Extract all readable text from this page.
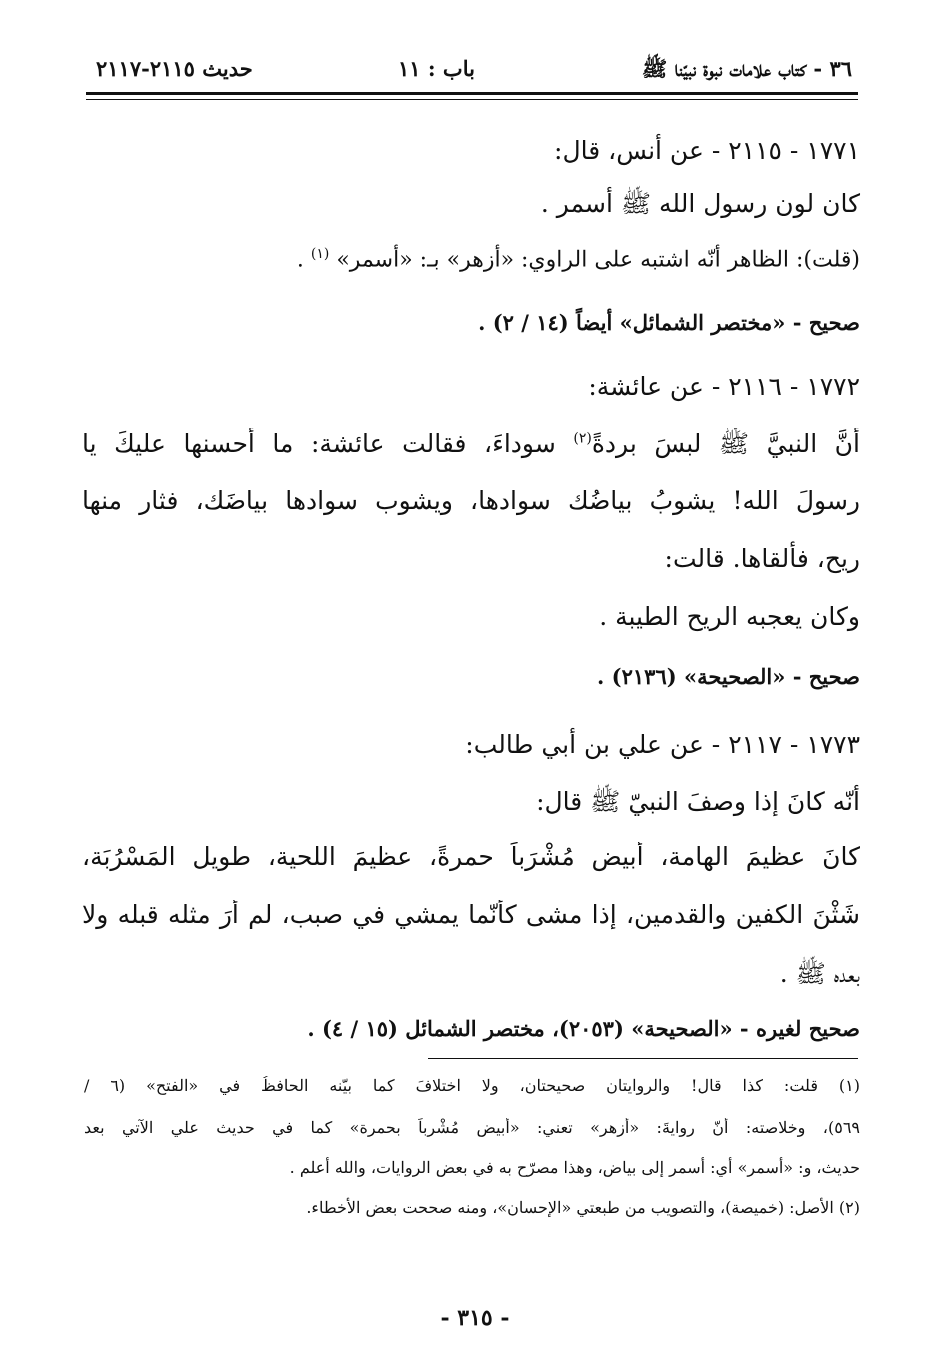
٣٦ - كتاب علامات نبوة نبيّنا ﷺ
باب : ١١
حديث ٢١١٥-٢١١٧
١٧٧١ - ٢١١٥ - عن أنس، قال:
كان لون رسول الله ﷺ أسمر .
(قلت): الظاهر أنّه اشتبه على الراوي: «أزهر» بـ: «أسمر» $^{(١)}$ .
صحيح - «مختصر الشمائل» أيضاً (١٤ / ٢) .
١٧٧٢ - ٢١١٦ - عن عائشة:
أنَّ النبيَّ ﷺ لبسَ بردةً$^{(٢)}$ سوداءَ، فقالت عائشة: ما أَحسنها عليكَ يا
رسولَ الله! يشوبُ بياضُك سوادها، ويشوب سوادها بياضَك، فثار منها
ريح، فألقاها. قالت:
وكان يعجبه الريح الطيبة .
صحيح - «الصحيحة» (٢١٣٦) .
١٧٧٣ - ٢١١٧ - عن علي بن أبي طالب:
أنّه كانَ إذا وصفَ النبيّ ﷺ قال:
كانَ عظيمَ الهامة، أَبيض مُشْرَباً حمرةً، عظيمَ اللحية، طويل المَسْرُبَة،
شَثْنَ الكفين والقدمين، إذا مشى كأنّما يمشي في صبب، لم أَرَ مثله قبله ولا
بعده ﷺ .
صحيح لغيره - «الصحيحة» (٢٠٥٣)، مختصر الشمائل (١٥ / ٤) .
(١) قلت: كذا قال! والروايتان صحيحتان، ولا اختلافَ كما بيّنه الحافظُ في «الفتح» (٦ /
٥٦٩)، وخلاصته: أنّ روايةَ: «أزهر» تعني: «أبيض مُشْرباً بحمرة» كما في حديث علي الآتي بعد
حديث، و: «أسمر» أي: أسمر إلى بياض، وهذا مصرّح به في بعض الروايات، والله أعلم .
(٢) الأصل: (خميصة)، والتصويب من طبعتي «الإحسان»، ومنه صححت بعض الأخطاء.
- ٣١٥ -
